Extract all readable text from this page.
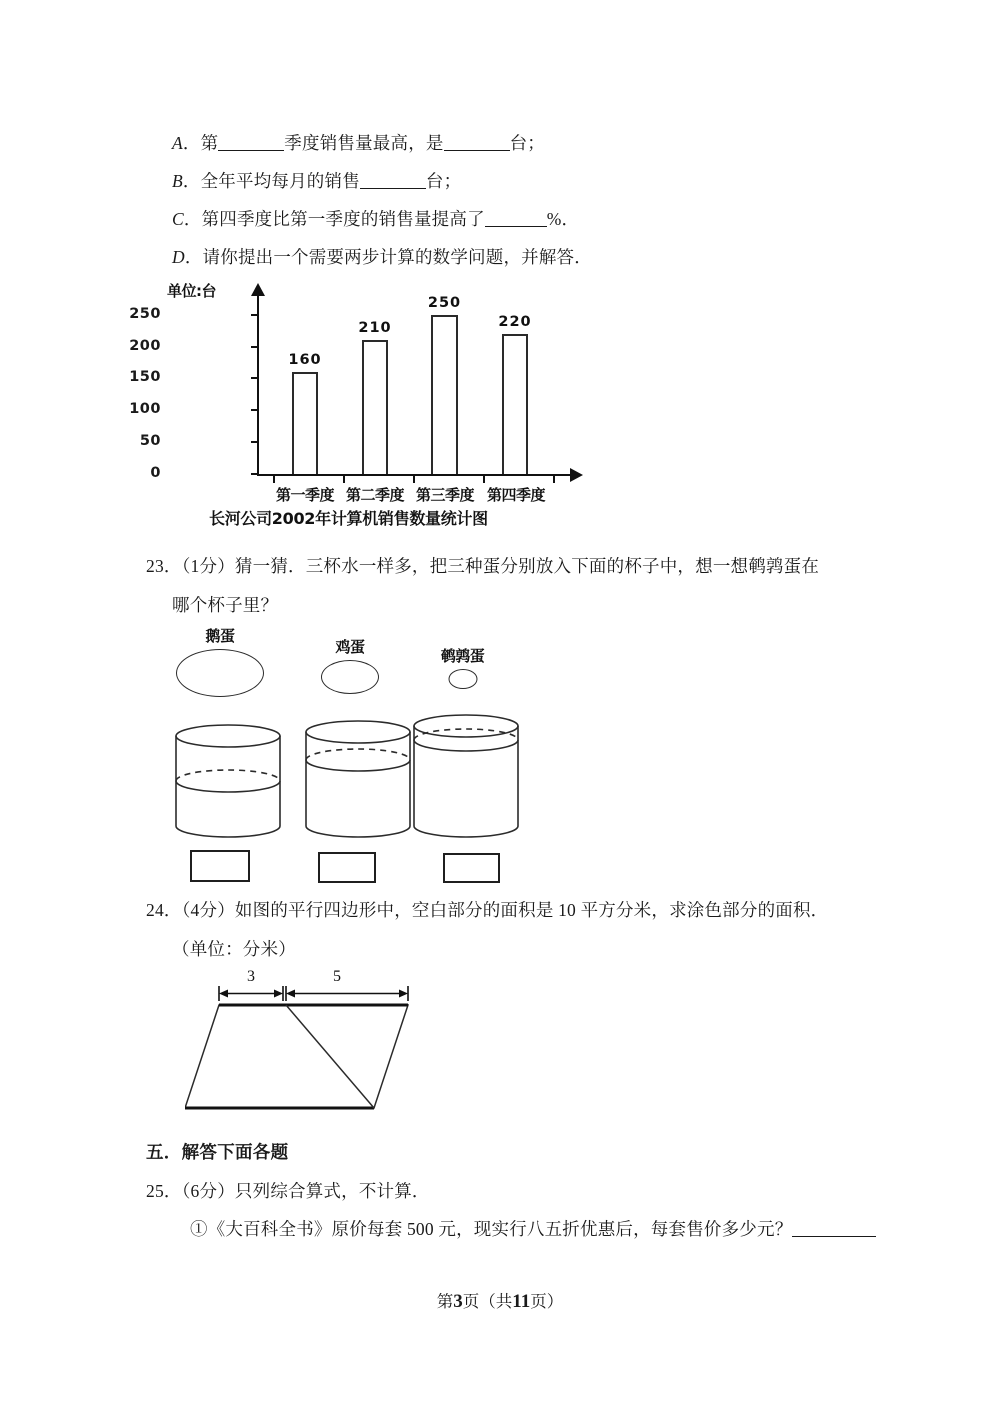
A．第	季度销售量最高，是	台；
B．全年平均每月的销售	台；
C．第四季度比第一季度的销售量提高了	%．
D．请你提出一个需要两步计算的数学问题，并解答．
单位:台
0
50
100
150
200
250
160
210
250
220
第一季度 第二季度 第三季度 第四季度
长河公司2002年计算机销售数量统计图
23．（1分）猜一猜．三杯水一样多，把三种蛋分别放入下面的杯子中，想一想鹌鹑蛋在
哪个杯子里？
鹅蛋
鸡蛋	鹌鹑蛋
24．（4分）如图的平行四边形中，空白部分的面积是 10 平方分米，求涂色部分的面积．
（单位：分米）
3	5
五．解答下面各题
25．（6分）只列综合算式，不计算．
①《大百科全书》原价每套 500 元，现实行八五折优惠后，每套售价多少元？
第3页（共11页）
